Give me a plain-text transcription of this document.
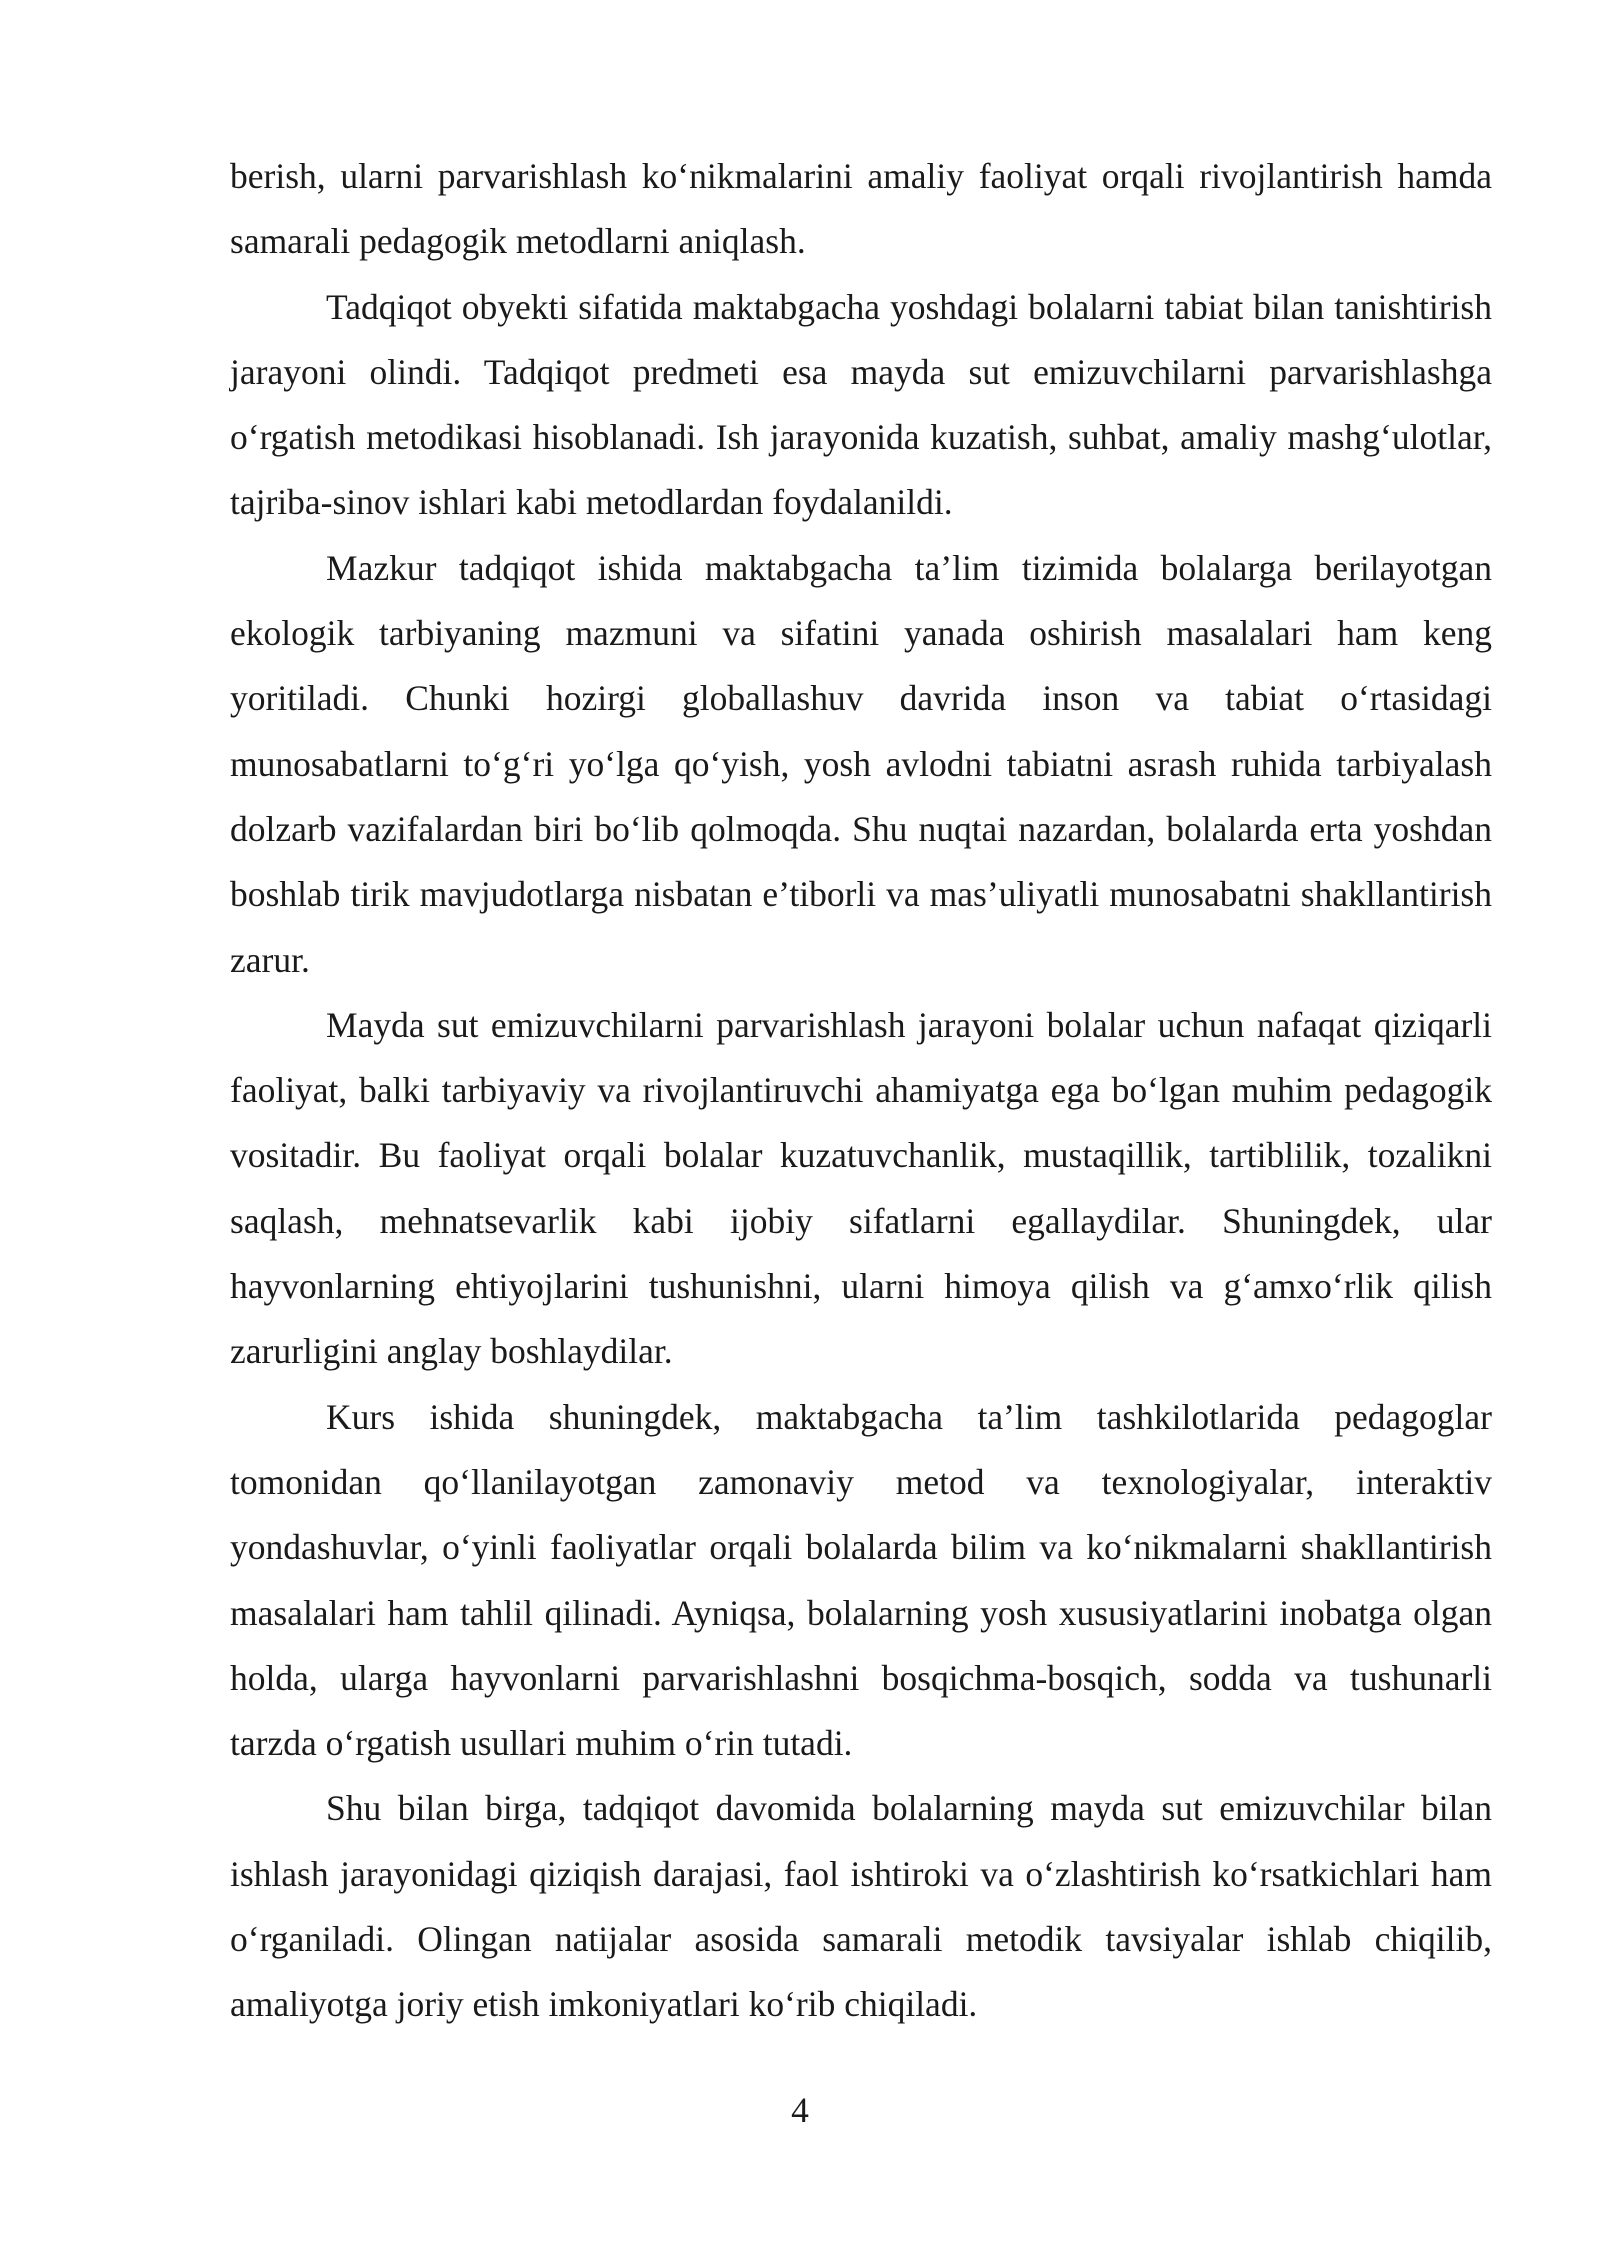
berish, ularni parvarishlash ko‘nikmalarini amaliy faoliyat orqali rivojlantirish hamda samarali pedagogik metodlarni aniqlash.

Tadqiqot obyekti sifatida maktabgacha yoshdagi bolalarni tabiat bilan tanishtirish jarayoni olindi. Tadqiqot predmeti esa mayda sut emizuvchilarni parvarishlashga o‘rgatish metodikasi hisoblanadi. Ish jarayonida kuzatish, suhbat, amaliy mashg‘ulotlar, tajriba-sinov ishlari kabi metodlardan foydalanildi.

Mazkur tadqiqot ishida maktabgacha ta’lim tizimida bolalarga berilayotgan ekologik tarbiyaning mazmuni va sifatini yanada oshirish masalalari ham keng yoritiladi. Chunki hozirgi globallashuv davrida inson va tabiat o‘rtasidagi munosabatlarni to‘g‘ri yo‘lga qo‘yish, yosh avlodni tabiatni asrash ruhida tarbiyalash dolzarb vazifalardan biri bo‘lib qolmoqda. Shu nuqtai nazardan, bolalarda erta yoshdan boshlab tirik mavjudotlarga nisbatan e’tiborli va mas’uliyatli munosabatni shakllantirish zarur.

Mayda sut emizuvchilarni parvarishlash jarayoni bolalar uchun nafaqat qiziqarli faoliyat, balki tarbiyaviy va rivojlantiruvchi ahamiyatga ega bo‘lgan muhim pedagogik vositadir. Bu faoliyat orqali bolalar kuzatuvchanlik, mustaqillik, tartiblilik, tozalikni saqlash, mehnatsevarlik kabi ijobiy sifatlarni egallaydilar. Shuningdek, ular hayvonlarning ehtiyojlarini tushunishni, ularni himoya qilish va g‘amxo‘rlik qilish zarurligini anglay boshlaydilar.

Kurs ishida shuningdek, maktabgacha ta’lim tashkilotlarida pedagoglar tomonidan qo‘llanilayotgan zamonaviy metod va texnologiyalar, interaktiv yondashuvlar, o‘yinli faoliyatlar orqali bolalarda bilim va ko‘nikmalarni shakllantirish masalalari ham tahlil qilinadi. Ayniqsa, bolalarning yosh xususiyatlarini inobatga olgan holda, ularga hayvonlarni parvarishlashni bosqichma-bosqich, sodda va tushunarli tarzda o‘rgatish usullari muhim o‘rin tutadi.

Shu bilan birga, tadqiqot davomida bolalarning mayda sut emizuvchilar bilan ishlash jarayonidagi qiziqish darajasi, faol ishtiroki va o‘zlashtirish ko‘rsatkichlari ham o‘rganiladi. Olingan natijalar asosida samarali metodik tavsiyalar ishlab chiqilib, amaliyotga joriy etish imkoniyatlari ko‘rib chiqiladi.

4
